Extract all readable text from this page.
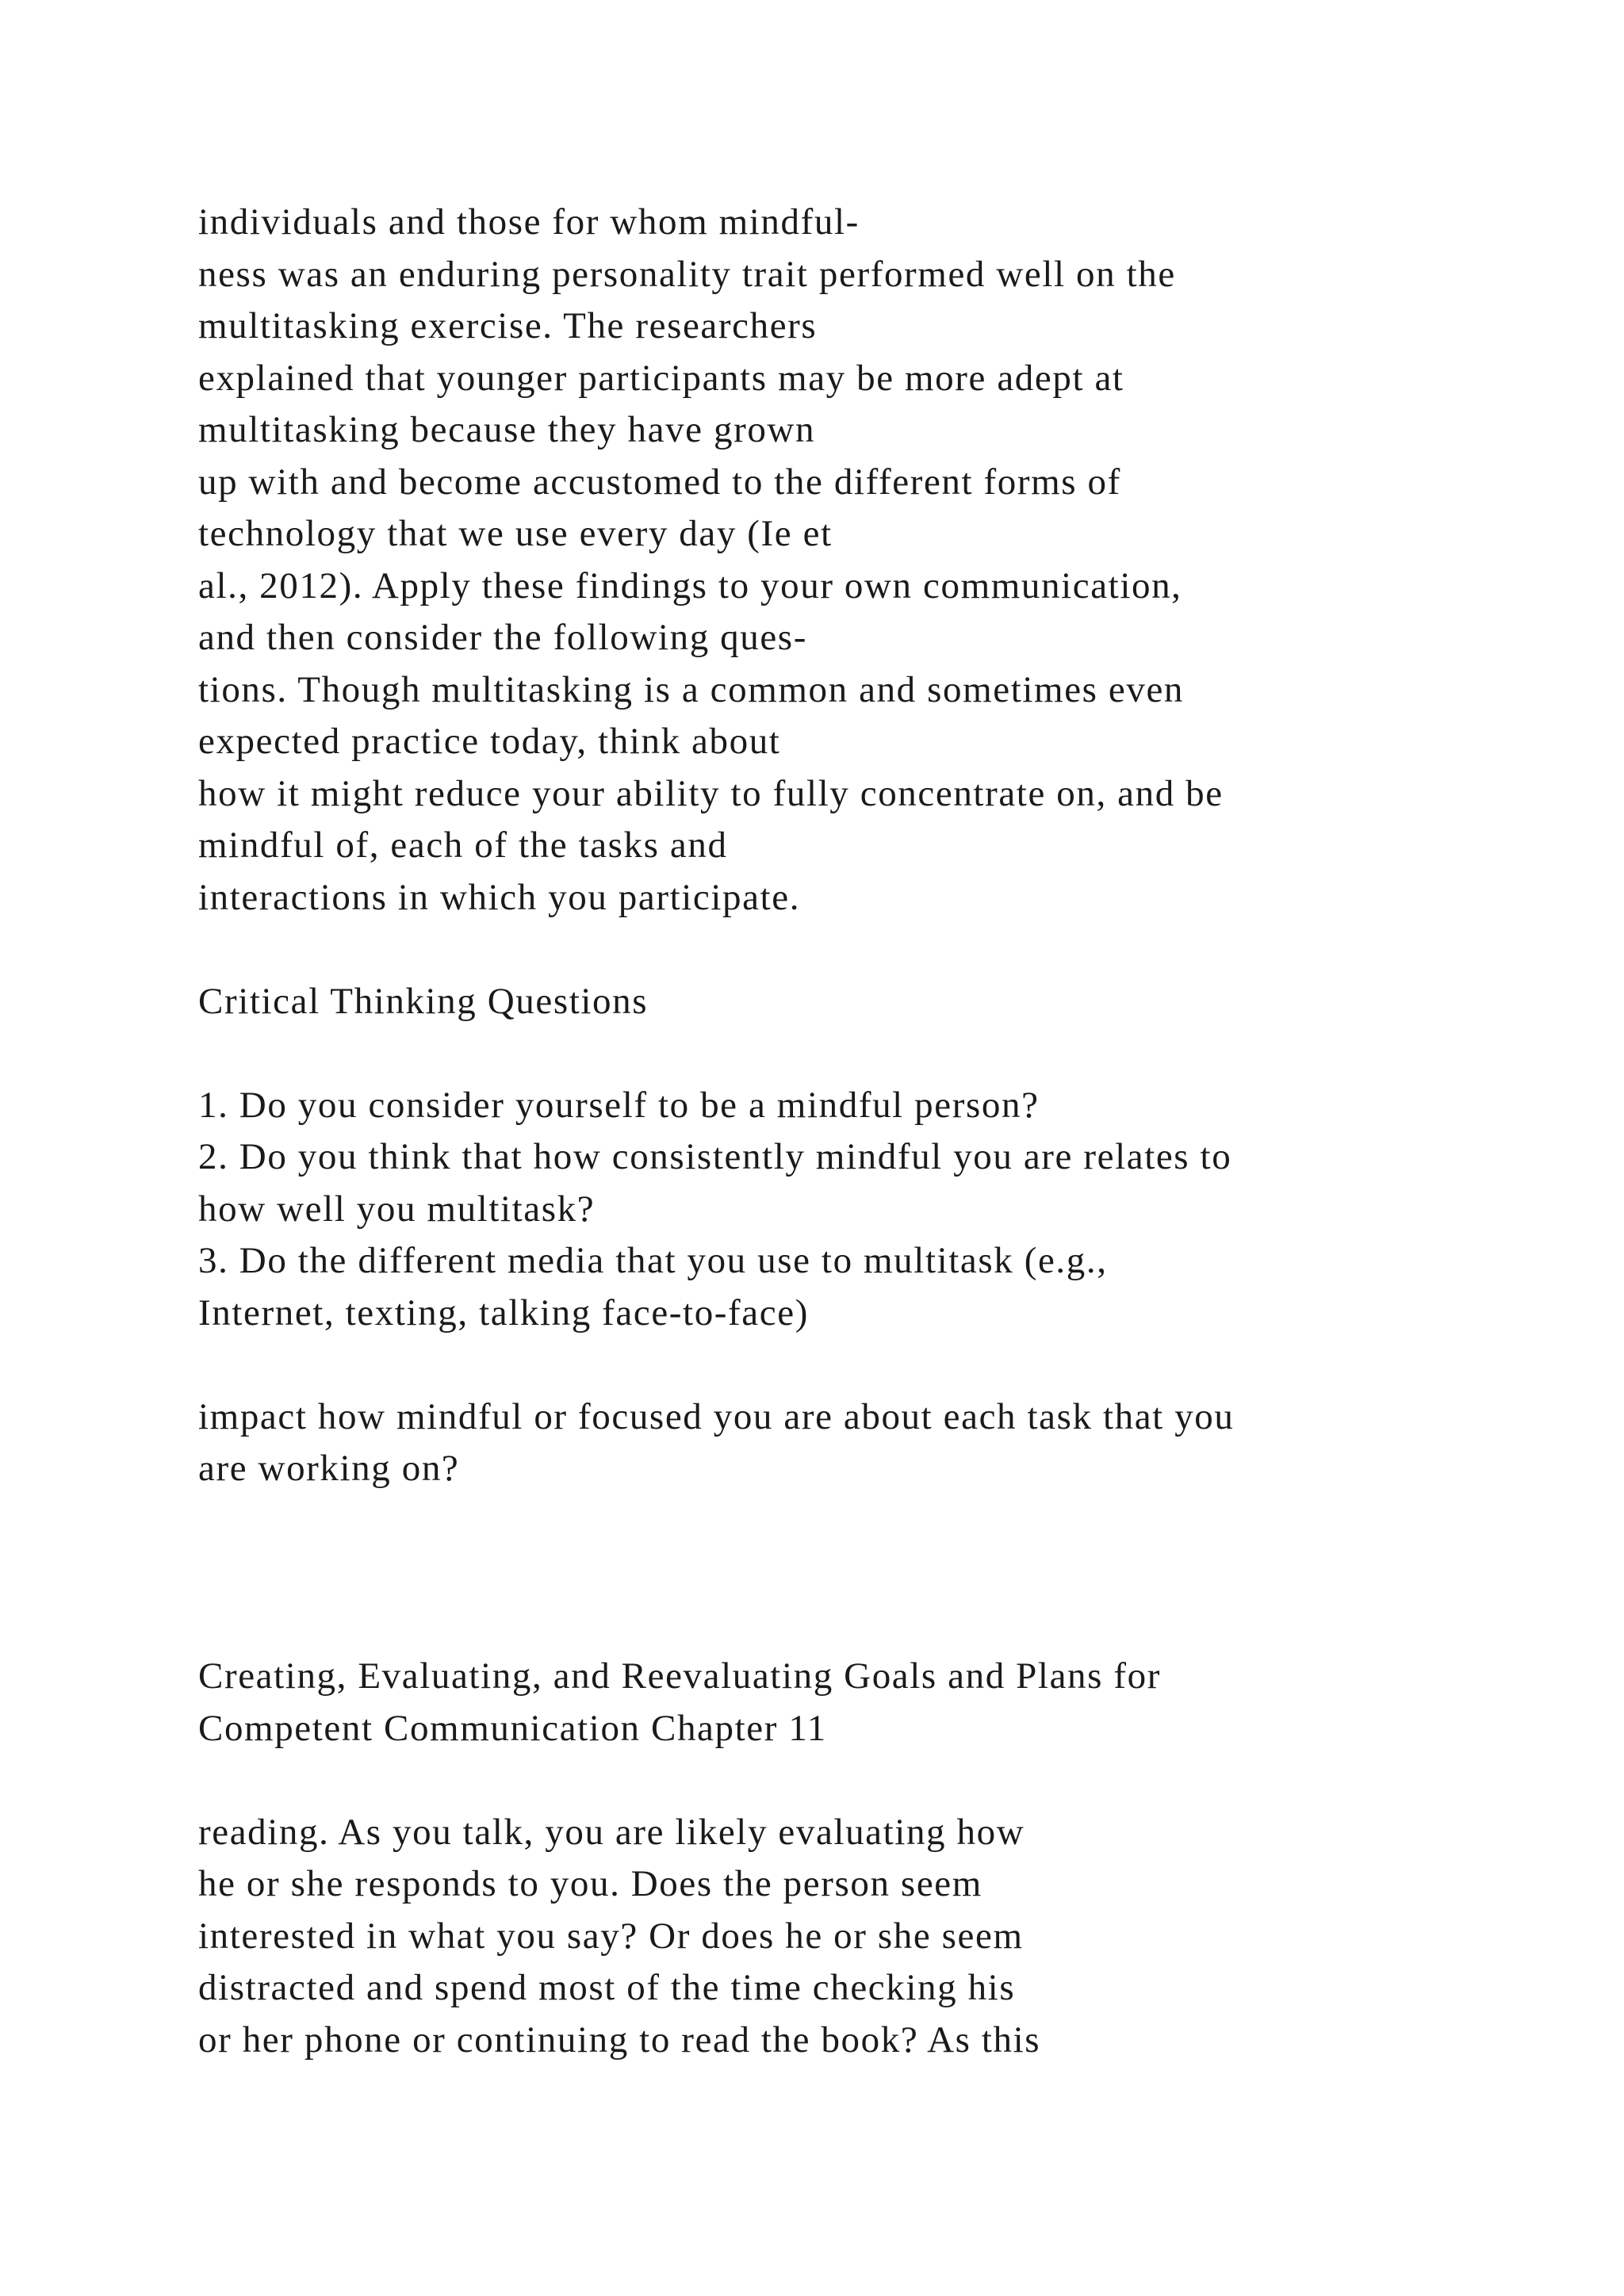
individuals and those for whom mindful-
ness was an enduring personality trait performed well on the
multitasking exercise. The researchers
explained that younger participants may be more adept at
multitasking because they have grown
up with and become accustomed to the different forms of
technology that we use every day (Ie et
al., 2012). Apply these findings to your own communication,
and then consider the following ques-
tions. Though multitasking is a common and sometimes even
expected practice today, think about
how it might reduce your ability to fully concentrate on, and be
mindful of, each of the tasks and
interactions in which you participate.
Critical Thinking Questions
1. Do you consider yourself to be a mindful person?
2. Do you think that how consistently mindful you are relates to
how well you multitask?
3. Do the different media that you use to multitask (e.g.,
Internet, texting, talking face-to-face)
impact how mindful or focused you are about each task that you
are working on?
Creating, Evaluating, and Reevaluating Goals and Plans for
Competent Communication Chapter 11
reading. As you talk, you are likely evaluating how
he or she responds to you. Does the person seem
interested in what you say? Or does he or she seem
distracted and spend most of the time checking his
or her phone or continuing to read the book? As this
